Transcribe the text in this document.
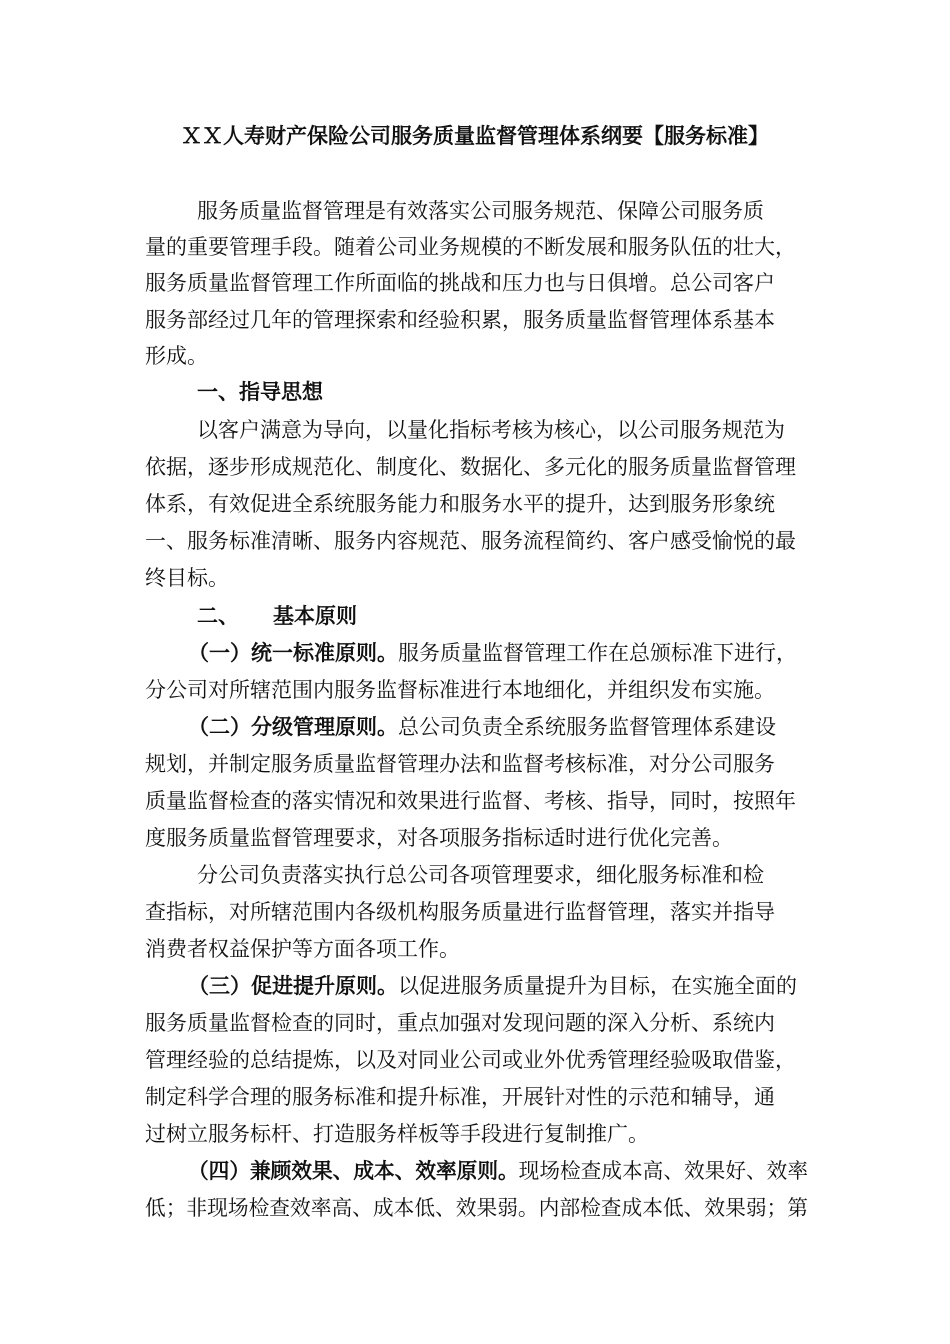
ＸＸ人寿财产保险公司服务质量监督管理体系纲要【服务标准】
服务质量监督管理是有效落实公司服务规范、保障公司服务质
量的重要管理手段。随着公司业务规模的不断发展和服务队伍的壮大，
服务质量监督管理工作所面临的挑战和压力也与日俱增。总公司客户
服务部经过几年的管理探索和经验积累，服务质量监督管理体系基本
形成。
一、指导思想
以客户满意为导向，以量化指标考核为核心，以公司服务规范为
依据，逐步形成规范化、制度化、数据化、多元化的服务质量监督管理
体系，有效促进全系统服务能力和服务水平的提升，达到服务形象统
一、服务标准清晰、服务内容规范、服务流程简约、客户感受愉悦的最
终目标。
二、 基本原则
（一）统一标准原则。服务质量监督管理工作在总颁标准下进行，
分公司对所辖范围内服务监督标准进行本地细化，并组织发布实施。
（二）分级管理原则。总公司负责全系统服务监督管理体系建设
规划，并制定服务质量监督管理办法和监督考核标准，对分公司服务
质量监督检查的落实情况和效果进行监督、考核、指导，同时，按照年
度服务质量监督管理要求，对各项服务指标适时进行优化完善。
分公司负责落实执行总公司各项管理要求，细化服务标准和检
查指标，对所辖范围内各级机构服务质量进行监督管理，落实并指导
消费者权益保护等方面各项工作。
（三）促进提升原则。以促进服务质量提升为目标，在实施全面的
服务质量监督检查的同时，重点加强对发现问题的深入分析、系统内
管理经验的总结提炼，以及对同业公司或业外优秀管理经验吸取借鉴，
制定科学合理的服务标准和提升标准，开展针对性的示范和辅导，通
过树立服务标杆、打造服务样板等手段进行复制推广。
（四）兼顾效果、成本、效率原则。现场检查成本高、效果好、效率
低；非现场检查效率高、成本低、效果弱。内部检查成本低、效果弱；第
